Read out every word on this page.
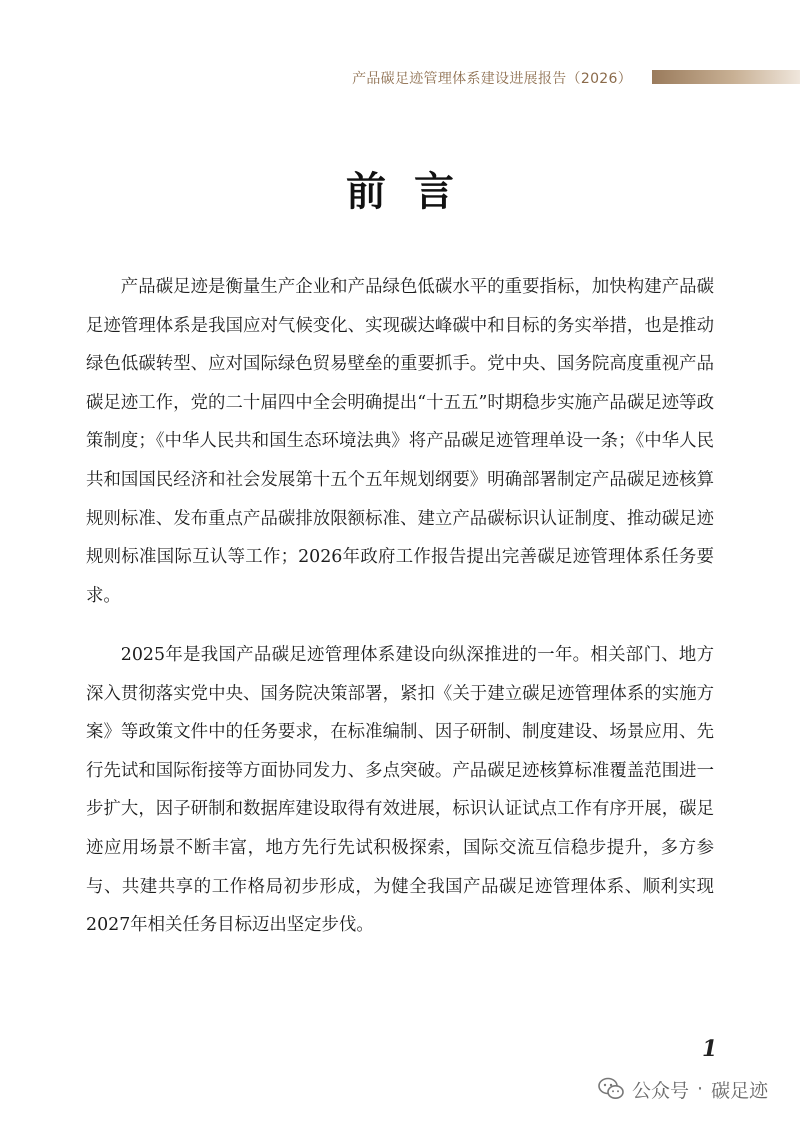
产品碳足迹管理体系建设进展报告（2026）
前言

产品碳足迹是衡量生产企业和产品绿色低碳水平的重要指标，加快构建产品碳足迹管理体系是我国应对气候变化、实现碳达峰碳中和目标的务实举措，也是推动绿色低碳转型、应对国际绿色贸易壁垒的重要抓手。党中央、国务院高度重视产品碳足迹工作，党的二十届四中全会明确提出“十五五”时期稳步实施产品碳足迹等政策制度；《中华人民共和国生态环境法典》将产品碳足迹管理单设一条；《中华人民共和国国民经济和社会发展第十五个五年规划纲要》明确部署制定产品碳足迹核算规则标准、发布重点产品碳排放限额标准、建立产品碳标识认证制度、推动碳足迹规则标准国际互认等工作；2026年政府工作报告提出完善碳足迹管理体系任务要求。

2025年是我国产品碳足迹管理体系建设向纵深推进的一年。相关部门、地方深入贯彻落实党中央、国务院决策部署，紧扣《关于建立碳足迹管理体系的实施方案》等政策文件中的任务要求，在标准编制、因子研制、制度建设、场景应用、先行先试和国际衔接等方面协同发力、多点突破。产品碳足迹核算标准覆盖范围进一步扩大，因子研制和数据库建设取得有效进展，标识认证试点工作有序开展，碳足迹应用场景不断丰富，地方先行先试积极探索，国际交流互信稳步提升，多方参与、共建共享的工作格局初步形成，为健全我国产品碳足迹管理体系、顺利实现2027年相关任务目标迈出坚定步伐。

1
公众号 · 碳足迹
